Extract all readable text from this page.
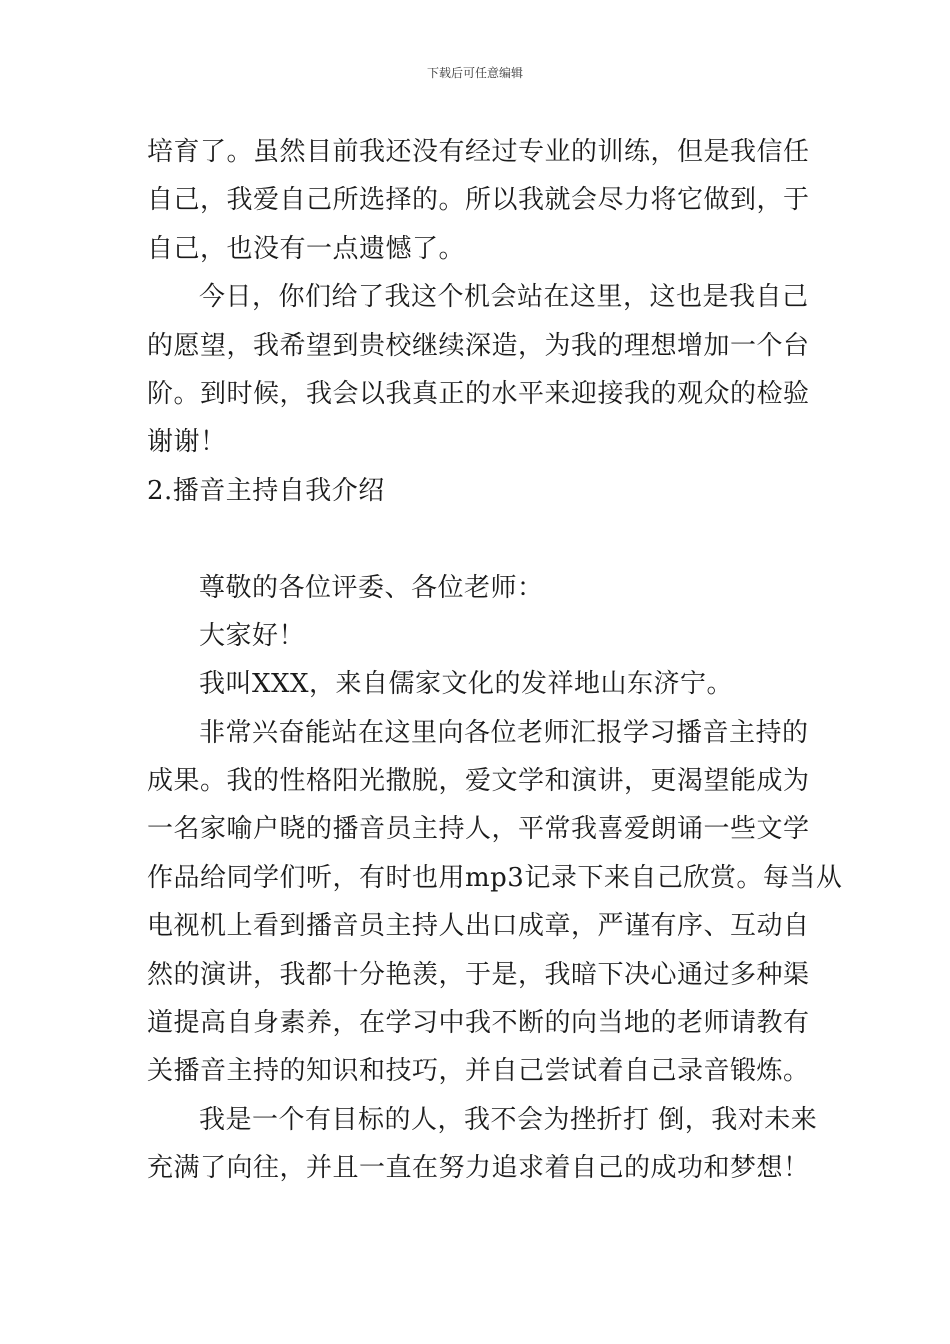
下载后可任意编辑
培育了。虽然目前我还没有经过专业的训练，但是我信任
自己，我爱自己所选择的。所以我就会尽力将它做到，于
自己，也没有一点遗憾了。
今日，你们给了我这个机会站在这里，这也是我自己
的愿望，我希望到贵校继续深造，为我的理想增加一个台
阶。到时候，我会以我真正的水平来迎接我的观众的检验
谢谢！
2.播音主持自我介绍
尊敬的各位评委、各位老师：
大家好！
我叫XXX，来自儒家文化的发祥地山东济宁。
非常兴奋能站在这里向各位老师汇报学习播音主持的
成果。我的性格阳光撒脱，爱文学和演讲，更渴望能成为
一名家喻户晓的播音员主持人，平常我喜爱朗诵一些文学
作品给同学们听，有时也用mp3记录下来自己欣赏。每当从
电视机上看到播音员主持人出口成章，严谨有序、互动自
然的演讲，我都十分艳羡，于是，我暗下决心通过多种渠
道提高自身素养，在学习中我不断的向当地的老师请教有
关播音主持的知识和技巧，并自己尝试着自己录音锻炼。
我是一个有目标的人，我不会为挫折打 倒，我对未来
充满了向往，并且一直在努力追求着自己的成功和梦想！
